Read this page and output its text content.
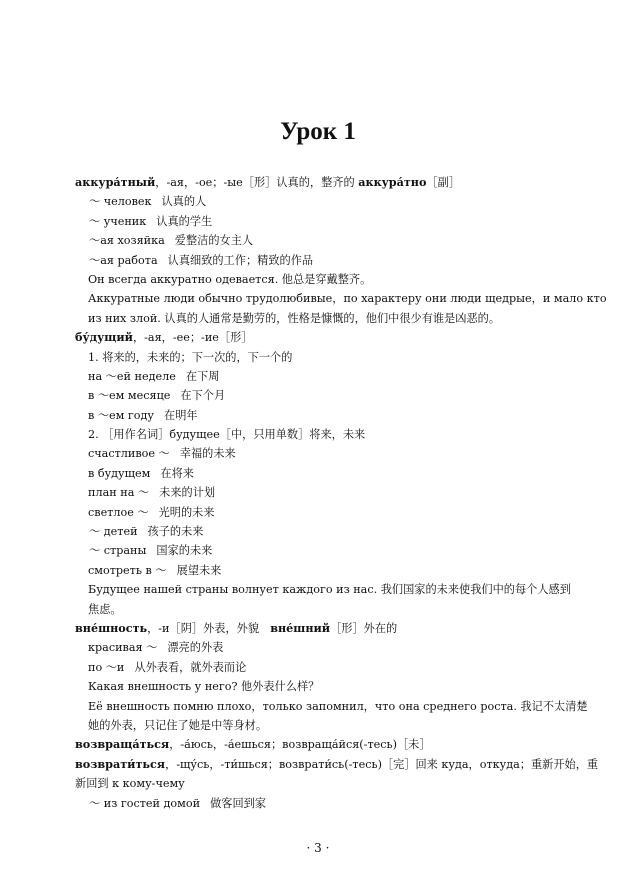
Урок 1
аккура́тный，-ая，-ое；-ые［形］认真的，整齐的 аккура́тно［副］
～ человек 认真的人
～ ученик 认真的学生
～ая хозяйка 爱整洁的女主人
～ая работа 认真细致的工作；精致的作品
Он всегда аккуратно одевается. 他总是穿戴整齐。
Аккуратные люди обычно трудолюбивые，по характеру они люди щедрые，и мало кто
из них злой. 认真的人通常是勤劳的，性格是慷慨的，他们中很少有谁是凶恶的。
бу́дущий，-ая，-ее；-ие［形］
1. 将来的，未来的；下一次的，下一个的
на ～ей неделе 在下周
в ～ем месяце 在下个月
в ～ем году 在明年
2. ［用作名词］будущее［中，只用单数］将来，未来
счастливое ～ 幸福的未来
в будущем 在将来
план на ～ 未来的计划
светлое ～ 光明的未来
～ детей 孩子的未来
～ страны 国家的未来
смотреть в ～ 展望未来
Будущее нашей страны волнует каждого из нас. 我们国家的未来使我们中的每个人感到
焦虑。
вне́шность，-и［阴］外表，外貌　вне́шний［形］外在的
красивая ～ 漂亮的外表
по ～и 从外表看，就外表而论
Какая внешность у него? 他外表什么样？
Её внешность помню плохо，только запомнил，что она среднего роста. 我记不太清楚
她的外表，只记住了她是中等身材。
возвраща́ться，-а́юсь，-а́ешься；возвраща́йся(-тесь)［未］
возврати́ться，-щу́сь，-ти́шься；возврати́сь(-тесь)［完］回来 куда，откуда；重新开始，重
新回到 к кому-чему
～ из гостей домой 做客回到家
· 3 ·
